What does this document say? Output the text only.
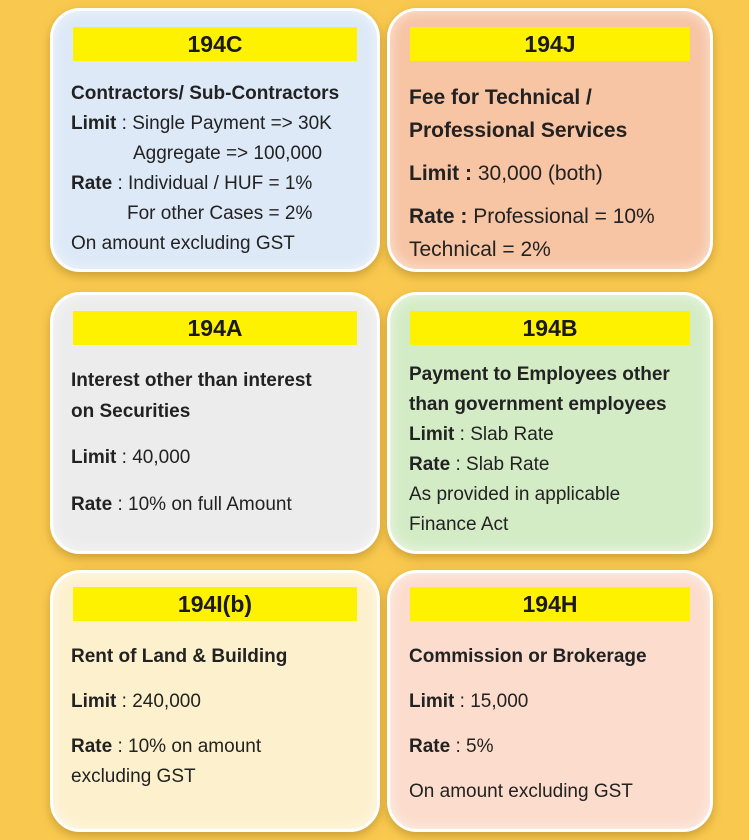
194C
Contractors/ Sub-Contractors
Limit : Single Payment => 30K
Aggregate => 100,000
Rate : Individual / HUF = 1%
For other Cases = 2%
On amount excluding GST
194J
Fee for Technical /
Professional Services
Limit : 30,000 (both)
Rate : Professional = 10%
Technical = 2%
194A
Interest other than interest
on Securities
Limit : 40,000
Rate : 10% on full Amount
194B
Payment to Employees other
than government employees
Limit : Slab Rate
Rate : Slab Rate
As provided in applicable
Finance Act
194I(b)
Rent of Land & Building
Limit : 240,000
Rate : 10% on amount
excluding GST
194H
Commission or Brokerage
Limit : 15,000
Rate : 5%
On amount excluding GST
